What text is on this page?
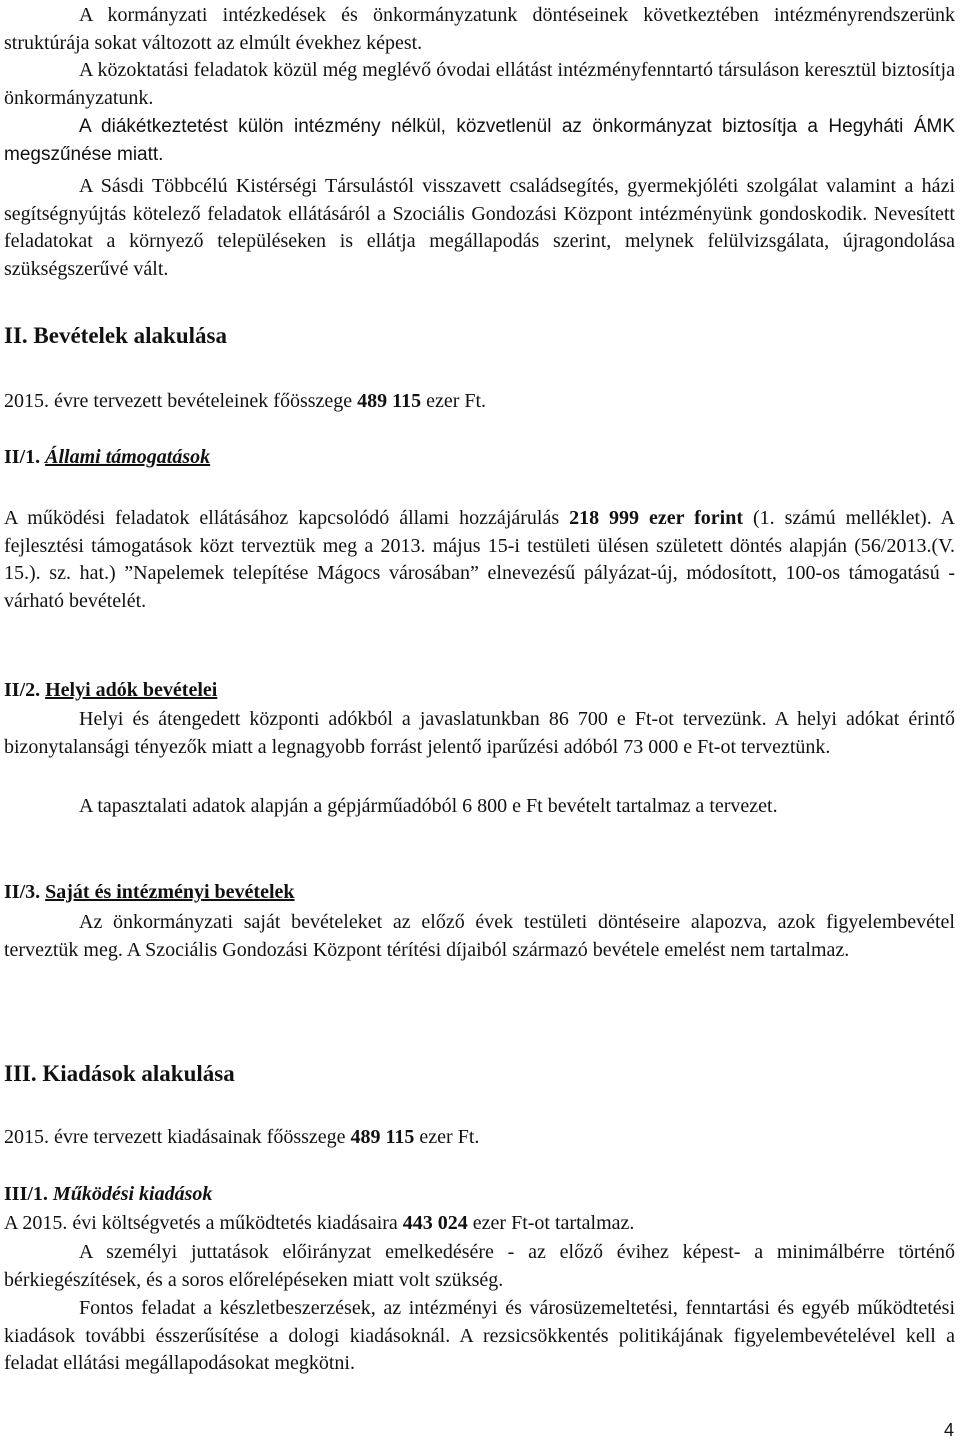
A kormányzati intézkedések és önkormányzatunk döntéseinek következtében intézményrendszerünk struktúrája sokat változott az elmúlt évekhez képest.

A közoktatási feladatok közül még meglévő óvodai ellátást intézményfenntartó társuláson keresztül biztosítja önkormányzatunk.

A diákétkeztetést külön intézmény nélkül, közvetlenül az önkormányzat biztosítja a Hegyháti ÁMK megszűnése miatt.

A Sásdi Többcélú Kistérségi Társulástól visszavett családsegítés, gyermekjóléti szolgálat valamint a házi segítségnyújtás kötelező feladatok ellátásáról a Szociális Gondozási Központ intézményünk gondoskodik. Nevesített feladatokat a környező településeken is ellátja megállapodás szerint, melynek felülvizsgálata, újragondolása szükségszerűvé vált.

II. Bevételek alakulása

2015. évre tervezett bevételeinek főösszege 489 115 ezer Ft.

II/1. Állami támogatások

A működési feladatok ellátásához kapcsolódó állami hozzájárulás 218 999 ezer forint (1. számú melléklet). A fejlesztési támogatások közt terveztük meg a 2013. május 15-i testületi ülésen született döntés alapján (56/2013.(V. 15.). sz. hat.) ”Napelemek telepítése Mágocs városában” elnevezésű pályázat-új, módosított, 100-os támogatású - várható bevételét.

II/2. Helyi adók bevételei

Helyi és átengedett központi adókból a javaslatunkban 86 700 e Ft-ot tervezünk. A helyi adókat érintő bizonytalansági tényezők miatt a legnagyobb forrást jelentő iparűzési adóból 73 000 e Ft-ot terveztünk.

A tapasztalati adatok alapján a gépjárműadóból 6 800 e Ft bevételt tartalmaz a tervezet.

II/3. Saját és intézményi bevételek

Az önkormányzati saját bevételeket az előző évek testületi döntéseire alapozva, azok figyelembevétel terveztük meg. A Szociális Gondozási Központ térítési díjaiból származó bevétele emelést nem tartalmaz.

III. Kiadások alakulása

2015. évre tervezett kiadásainak főösszege 489 115 ezer Ft.

III/1. Működési kiadások

A 2015. évi költségvetés a működtetés kiadásaira 443 024 ezer Ft-ot tartalmaz.

A személyi juttatások előirányzat emelkedésére - az előző évihez képest- a minimálbérre történő bérkiegészítések, és a soros előrelépéseken miatt volt szükség.

Fontos feladat a készletbeszerzések, az intézményi és városüzemeltetési, fenntartási és egyéb működtetési kiadások további ésszerűsítése a dologi kiadásoknál. A rezsicsökkentés politikájának figyelembevételével kell a feladat ellátási megállapodásokat megkötni.

4
